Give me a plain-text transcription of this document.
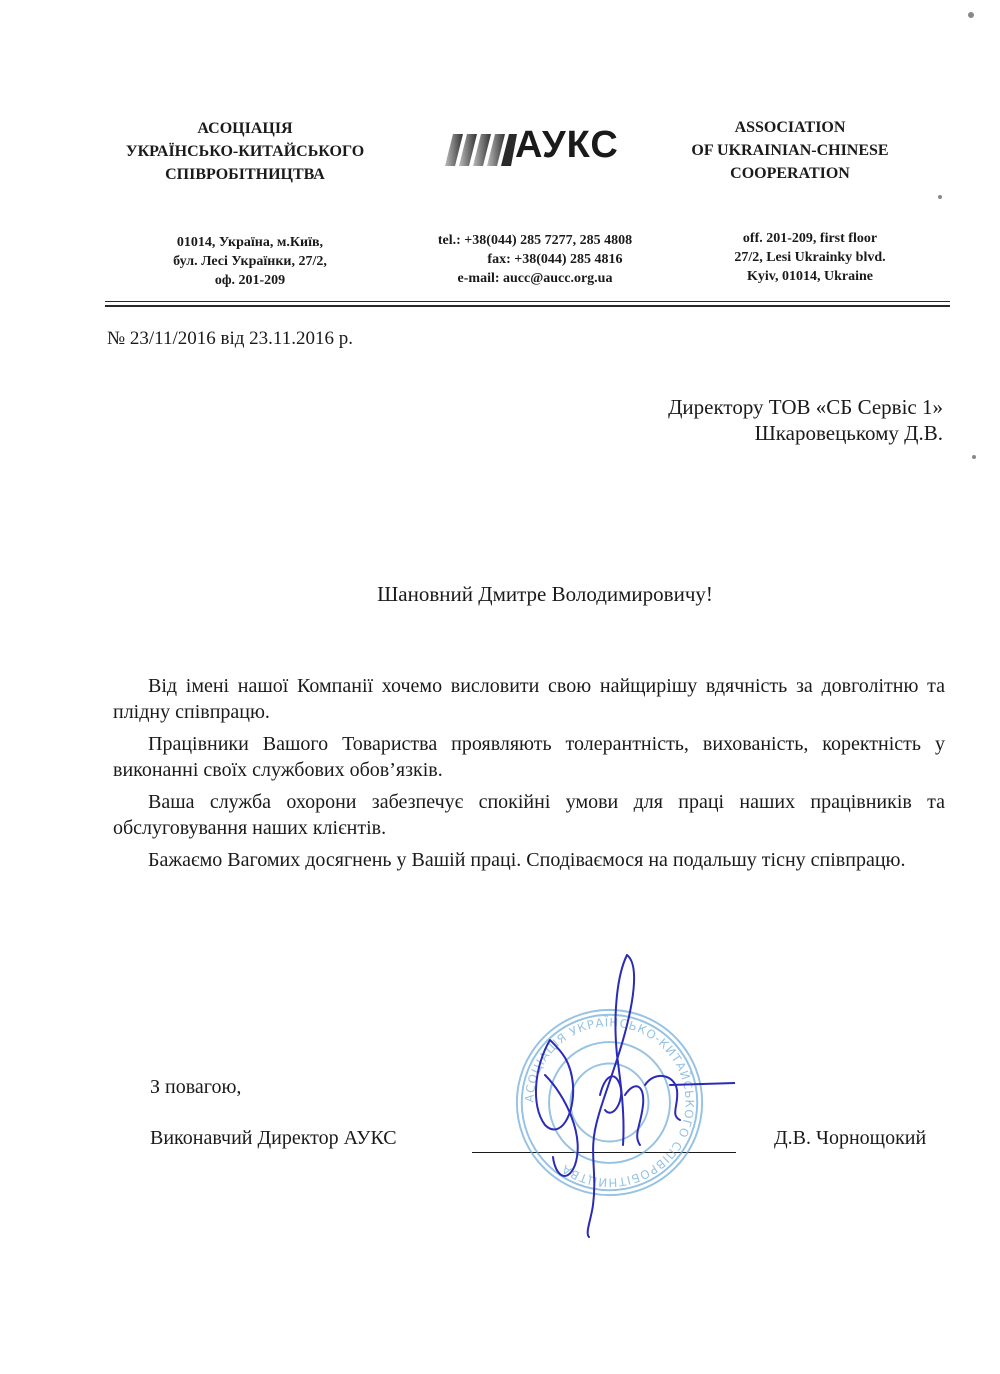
АСОЦІАЦІЯ
УКРАЇНСЬКО-КИТАЙСЬКОГО
СПІВРОБІТНИЦТВА
АУКС	ASSOCIATION
OF UKRAINIAN-CHINESE
COOPERATION
01014, Україна, м.Київ,
бул. Лесі Українки, 27/2,
оф. 201-209
tel.: +38(044) 285 7277, 285 4808
fax: +38(044) 285 4816
e-mail: aucc@aucc.org.ua
off. 201-209, first floor
27/2, Lesi Ukrainky blvd.
Kyiv, 01014, Ukraine
№ 23/11/2016 від 23.11.2016 р.
Директору ТОВ «СБ Сервіс 1»
Шкаровецькому Д.В.
Шановний Дмитре Володимировичу!

Від імені нашої Компанії хочемо висловити свою найщирішу вдячність за довголітню та плідну співпрацю.

Працівники Вашого Товариства проявляють толерантність, вихованість, коректність у виконанні своїх службових обов’язків.

Ваша служба охорони забезпечує спокійні умови для праці наших працівників та обслуговування наших клієнтів.

Бажаємо Вагомих досягнень у Вашій праці. Сподіваємося на подальшу тісну співпрацю.

З повагою,
Виконавчий Директор АУКС	Д.В. Чорнощокий
АСОЦІАЦІЯ УКРАЇНСЬКО-КИТАЙСЬКОГО СПІВРОБІТНИЦТВА
